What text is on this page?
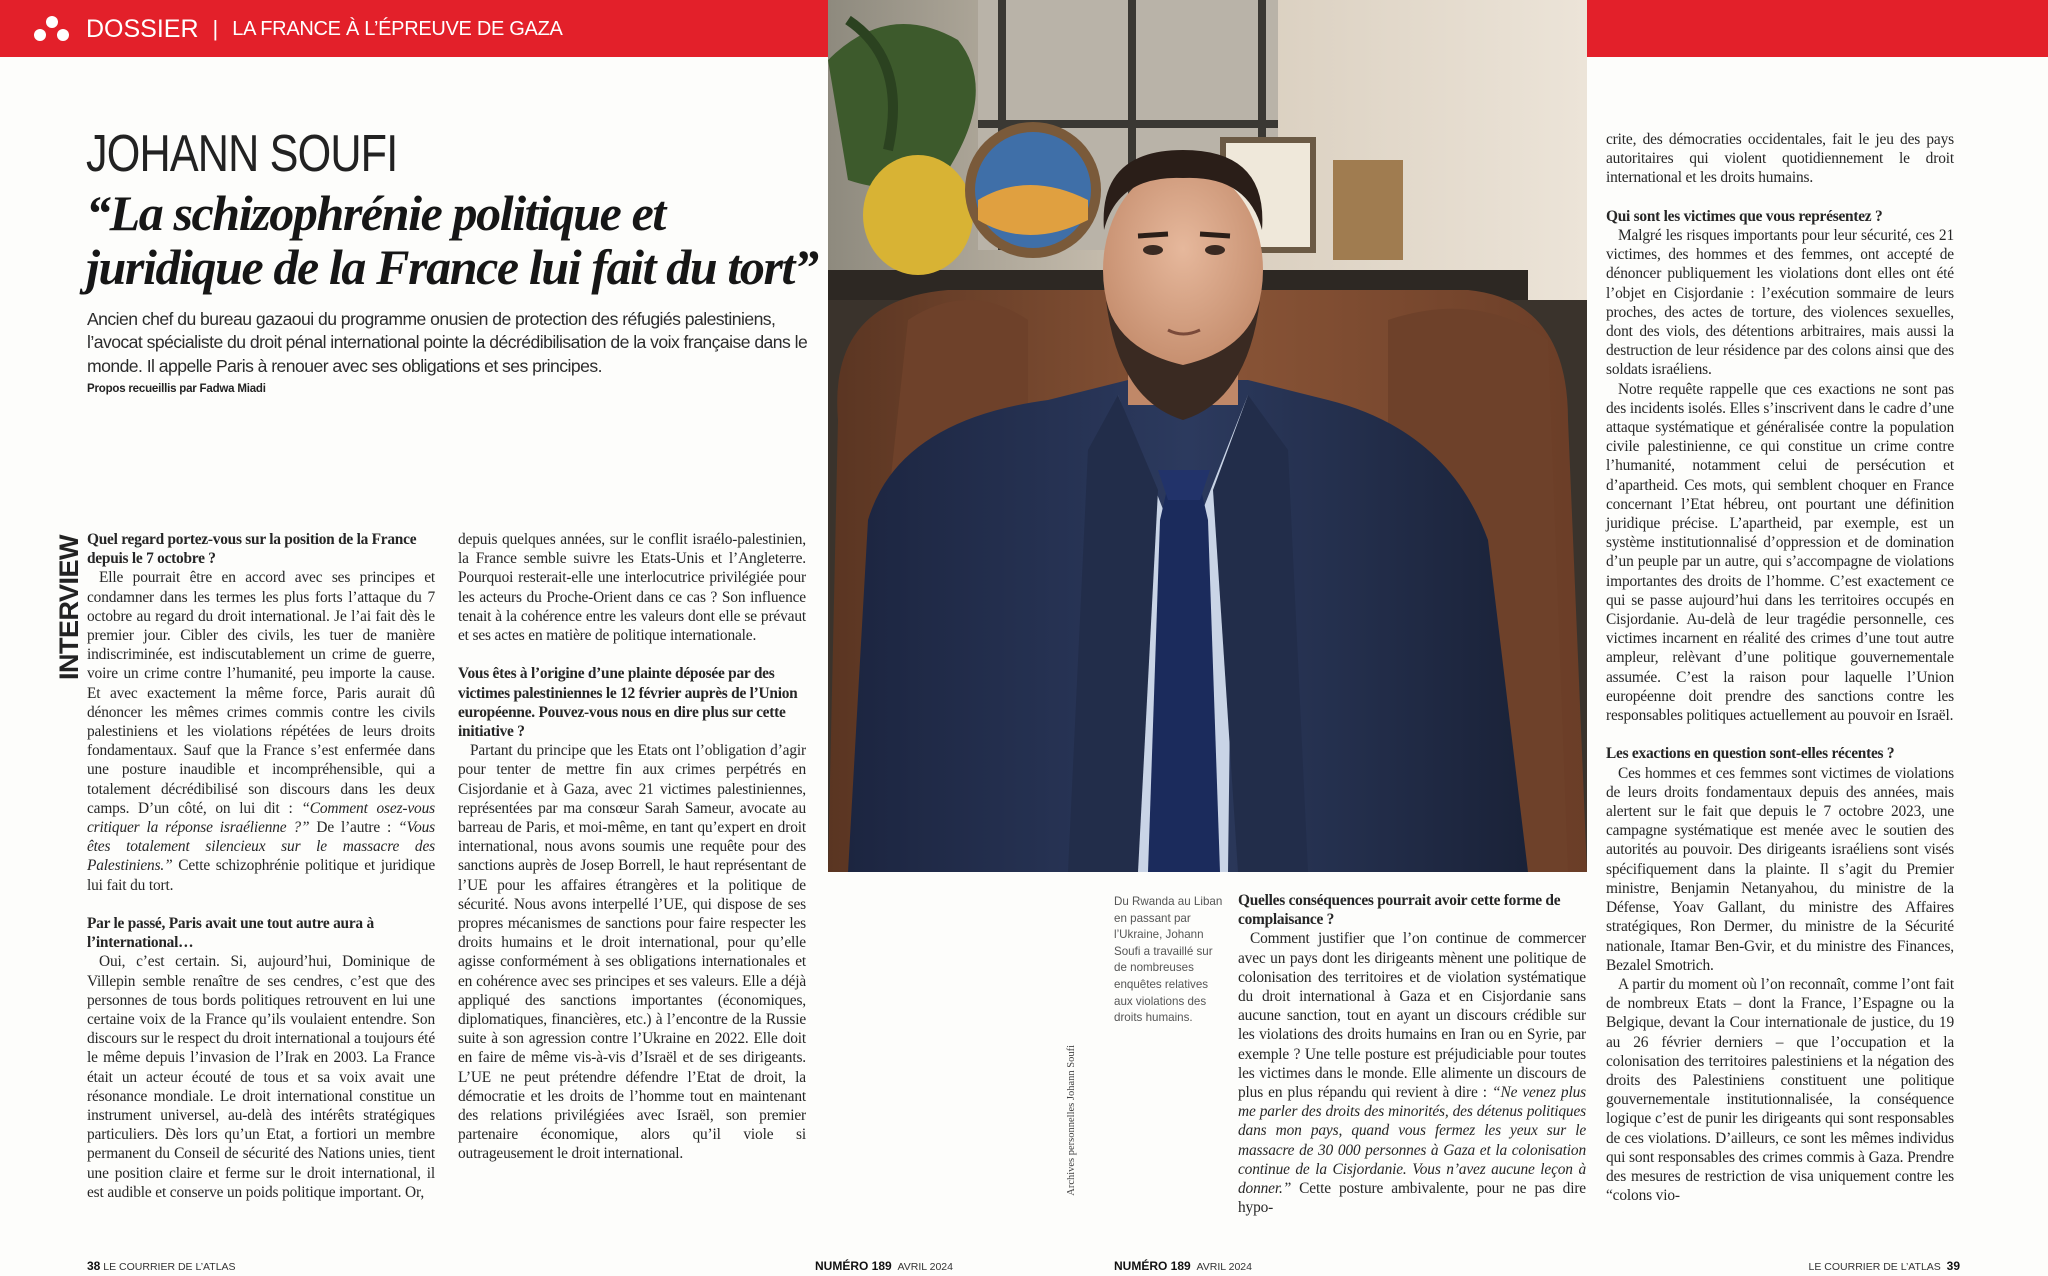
DOSSIER | LA FRANCE À L’ÉPREUVE DE GAZA
JOHANN SOUFI
“La schizophrénie politique et juridique de la France lui fait du tort”
Ancien chef du bureau gazaoui du programme onusien de protection des réfugiés palestiniens, l’avocat spécialiste du droit pénal international pointe la décrédibilisation de la voix française dans le monde. Il appelle Paris à renouer avec ses obligations et ses principes.
Propos recueillis par Fadwa Miadi
INTERVIEW Quel regard portez-vous sur la position de la France depuis le 7 octobre ?

Elle pourrait être en accord avec ses principes et condamner dans les termes les plus forts l’attaque du 7 octobre au regard du droit international. Je l’ai fait dès le premier jour. Cibler des civils, les tuer de manière indiscriminée, est indiscutablement un crime de guerre, voire un crime contre l’humanité, peu importe la cause. Et avec exactement la même force, Paris aurait dû dénoncer les mêmes crimes commis contre les civils palestiniens et les violations répétées de leurs droits fondamentaux. Sauf que la France s’est enfermée dans une posture inaudible et incompréhensible, qui a totalement décrédibilisé son discours dans les deux camps. D’un côté, on lui dit : “Comment osez-vous critiquer la réponse israélienne ?” De l’autre : “Vous êtes totalement silencieux sur le massacre des Palestiniens.” Cette schizophrénie politique et juridique lui fait du tort.

Par le passé, Paris avait une tout autre aura à l’international…

Oui, c’est certain. Si, aujourd’hui, Dominique de Villepin semble renaître de ses cendres, c’est que des personnes de tous bords politiques retrouvent en lui une certaine voix de la France qu’ils voulaient entendre. Son discours sur le respect du droit international a toujours été le même depuis l’invasion de l’Irak en 2003. La France était un acteur écouté de tous et sa voix avait une résonance mondiale. Le droit international constitue un instrument universel, au-delà des intérêts stratégiques particuliers. Dès lors qu’un Etat, a fortiori un membre permanent du Conseil de sécurité des Nations unies, tient une position claire et ferme sur le droit international, il est audible et conserve un poids politique important. Or,

depuis quelques années, sur le conflit israélo-palestinien, la France semble suivre les Etats-Unis et l’Angleterre. Pourquoi resterait-elle une interlocutrice privilégiée pour les acteurs du Proche-Orient dans ce cas ? Son influence tenait à la cohérence entre les valeurs dont elle se prévaut et ses actes en matière de politique internationale.

Vous êtes à l’origine d’une plainte déposée par des victimes palestiniennes le 12 février auprès de l’Union européenne. Pouvez-vous nous en dire plus sur cette initiative ?

Partant du principe que les Etats ont l’obligation d’agir pour tenter de mettre fin aux crimes perpétrés en Cisjordanie et à Gaza, avec 21 victimes palestiniennes, représentées par ma consœur Sarah Sameur, avocate au barreau de Paris, et moi-même, en tant qu’expert en droit international, nous avons soumis une requête pour des sanctions auprès de Josep Borrell, le haut représentant de l’UE pour les affaires étrangères et la politique de sécurité. Nous avons interpellé l’UE, qui dispose de ses propres mécanismes de sanctions pour faire respecter les droits humains et le droit international, pour qu’elle agisse conformément à ses obligations internationales et en cohérence avec ses principes et ses valeurs. Elle a déjà appliqué des sanctions importantes (économiques, diplomatiques, financières, etc.) à l’encontre de la Russie suite à son agression contre l’Ukraine en 2022. Elle doit en faire de même vis-à-vis d’Israël et de ses dirigeants. L’UE ne peut prétendre défendre l’Etat de droit, la démocratie et les droits de l’homme tout en maintenant des relations privilégiées avec Israël, son premier partenaire économique, alors qu’il viole si outrageusement le droit international.

Quelles conséquences pourrait avoir cette forme de complaisance ?

Comment justifier que l’on continue de commercer avec un pays dont les dirigeants mènent une politique de colonisation des territoires et de violation systématique du droit international à Gaza et en Cisjordanie sans aucune sanction, tout en ayant un discours crédible sur les violations des droits humains en Iran ou en Syrie, par exemple ? Une telle posture est préjudiciable pour toutes les victimes dans le monde. Elle alimente un discours de plus en plus répandu qui revient à dire : “Ne venez plus me parler des droits des minorités, des détenus politiques dans mon pays, quand vous fermez les yeux sur le massacre de 30 000 personnes à Gaza et la colonisation continue de la Cisjordanie. Vous n’avez aucune leçon à donner.” Cette posture ambivalente, pour ne pas dire hypo-

crite, des démocraties occidentales, fait le jeu des pays autoritaires qui violent quotidiennement le droit international et les droits humains.

Qui sont les victimes que vous représentez ?

Malgré les risques importants pour leur sécurité, ces 21 victimes, des hommes et des femmes, ont accepté de dénoncer publiquement les violations dont elles ont été l’objet en Cisjordanie : l’exécution sommaire de leurs proches, des actes de torture, des violences sexuelles, dont des viols, des détentions arbitraires, mais aussi la destruction de leur résidence par des colons ainsi que des soldats israéliens.

Notre requête rappelle que ces exactions ne sont pas des incidents isolés. Elles s’inscrivent dans le cadre d’une attaque systématique et généralisée contre la population civile palestinienne, ce qui constitue un crime contre l’humanité, notamment celui de persécution et d’apartheid. Ces mots, qui semblent choquer en France concernant l’Etat hébreu, ont pourtant une définition juridique précise. L’apartheid, par exemple, est un système institutionnalisé d’oppression et de domination d’un peuple par un autre, qui s’accompagne de violations importantes des droits de l’homme. C’est exactement ce qui se passe aujourd’hui dans les territoires occupés en Cisjordanie. Au-delà de leur tragédie personnelle, ces victimes incarnent en réalité des crimes d’une tout autre ampleur, relèvant d’une politique gouvernementale assumée. C’est la raison pour laquelle l’Union européenne doit prendre des sanctions contre les responsables politiques actuellement au pouvoir en Israël.

Les exactions en question sont-elles récentes ?

Ces hommes et ces femmes sont victimes de violations de leurs droits fondamentaux depuis des années, mais alertent sur le fait que depuis le 7 octobre 2023, une campagne systématique est menée avec le soutien des autorités au pouvoir. Des dirigeants israéliens sont visés spécifiquement dans la plainte. Il s’agit du Premier ministre, Benjamin Netanyahou, du ministre de la Défense, Yoav Gallant, du ministre des Affaires stratégiques, Ron Dermer, du ministre de la Sécurité nationale, Itamar Ben-Gvir, et du ministre des Finances, Bezalel Smotrich.

A partir du moment où l’on reconnaît, comme l’ont fait de nombreux Etats – dont la France, l’Espagne ou la Belgique, devant la Cour internationale de justice, du 19 au 26 février derniers – que l’occupation et la colonisation des territoires palestiniens et la négation des droits des Palestiniens constituent une politique gouvernementale institutionnalisée, la conséquence logique c’est de punir les dirigeants qui sont responsables de ces violations. D’ailleurs, ce sont les mêmes individus qui sont responsables des crimes commis à Gaza. Prendre des mesures de restriction de visa uniquement contre les “colons vio-

Du Rwanda au Liban en passant par l’Ukraine, Johann Soufi a travaillé sur de nombreuses enquêtes relatives aux violations des droits humains.
Archives personnelles Johann Soufi
38 LE COURRIER DE L’ATLAS	NUMÉRO 189 AVRIL 2024	NUMÉRO 189 AVRIL 2024	LE COURRIER DE L’ATLAS 39
